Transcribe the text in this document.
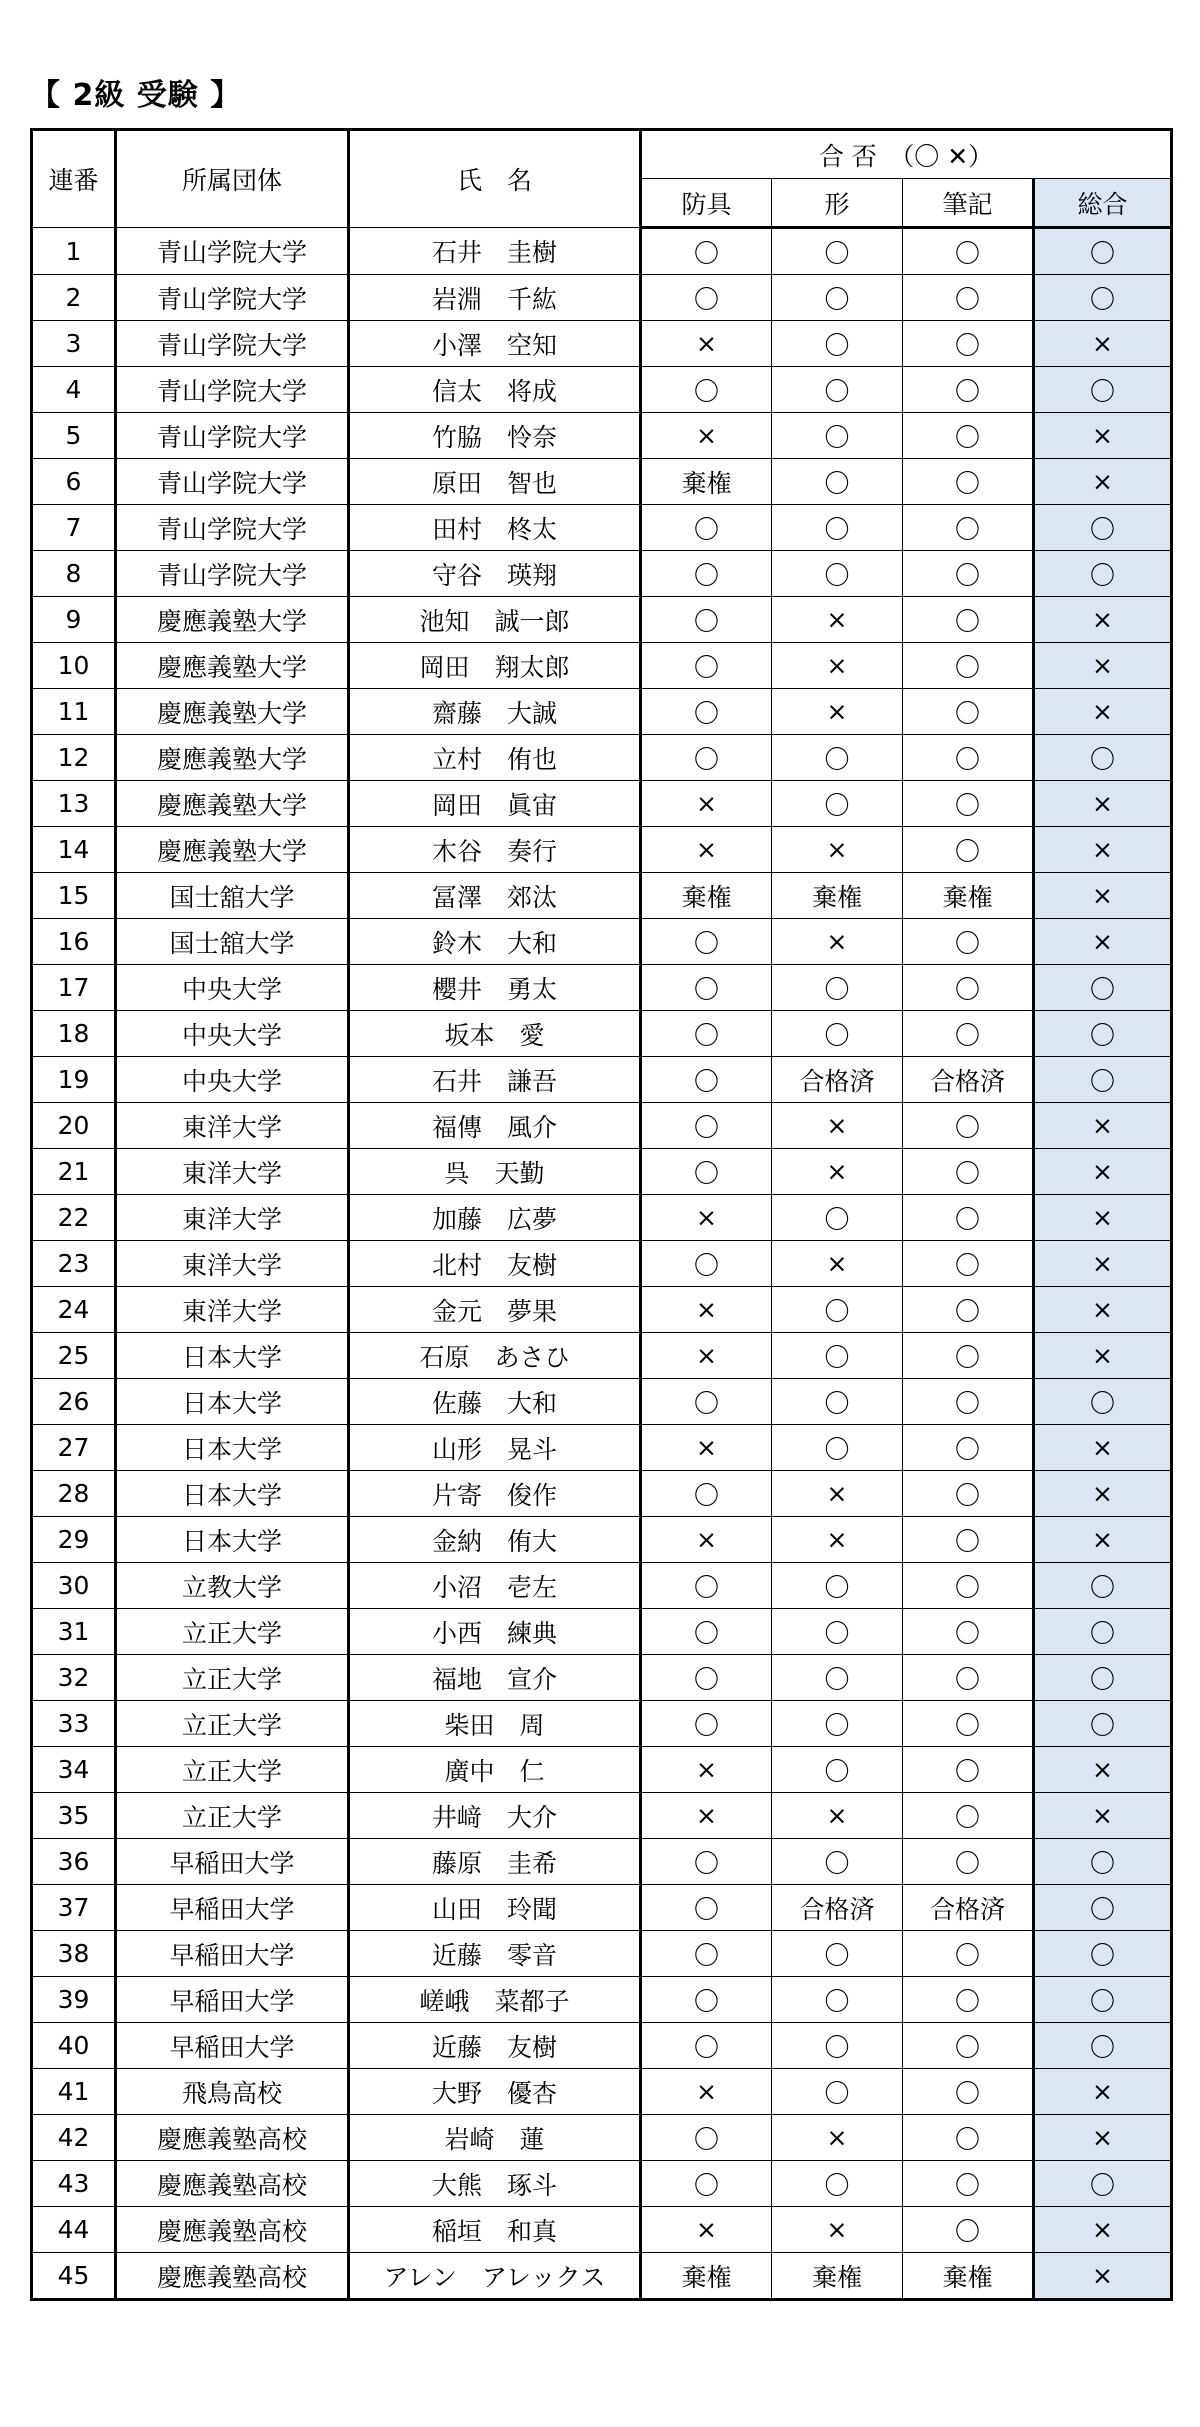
【 2級 受験 】
連番	所属団体	氏　名	合 否　（〇 ✕）			
			防具	形	筆記	総合
1	青山学院大学	石井　圭樹	〇	〇	〇	〇
2	青山学院大学	岩淵　千紘	〇	〇	〇	〇
3	青山学院大学	小澤　空知	×	〇	〇	×
4	青山学院大学	信太　将成	〇	〇	〇	〇
5	青山学院大学	竹脇　怜奈	×	〇	〇	×
6	青山学院大学	原田　智也	棄権	〇	〇	×
7	青山学院大学	田村　柊太	〇	〇	〇	〇
8	青山学院大学	守谷　瑛翔	〇	〇	〇	〇
9	慶應義塾大学	池知　誠一郎	〇	×	〇	×
10	慶應義塾大学	岡田　翔太郎	〇	×	〇	×
11	慶應義塾大学	齋藤　大誠	〇	×	〇	×
12	慶應義塾大学	立村　侑也	〇	〇	〇	〇
13	慶應義塾大学	岡田　眞宙	×	〇	〇	×
14	慶應義塾大学	木谷　奏行	×	×	〇	×
15	国士舘大学	冨澤　郊汰	棄権	棄権	棄権	×
16	国士舘大学	鈴木　大和	〇	×	〇	×
17	中央大学	櫻井　勇太	〇	〇	〇	〇
18	中央大学	坂本　愛	〇	〇	〇	〇
19	中央大学	石井　謙吾	〇	合格済	合格済	〇
20	東洋大学	福傳　風介	〇	×	〇	×
21	東洋大学	呉　天勤	〇	×	〇	×
22	東洋大学	加藤　広夢	×	〇	〇	×
23	東洋大学	北村　友樹	〇	×	〇	×
24	東洋大学	金元　夢果	×	〇	〇	×
25	日本大学	石原　あさひ	×	〇	〇	×
26	日本大学	佐藤　大和	〇	〇	〇	〇
27	日本大学	山形　晃斗	×	〇	〇	×
28	日本大学	片寄　俊作	〇	×	〇	×
29	日本大学	金納　侑大	×	×	〇	×
30	立教大学	小沼　壱左	〇	〇	〇	〇
31	立正大学	小西　練典	〇	〇	〇	〇
32	立正大学	福地　宣介	〇	〇	〇	〇
33	立正大学	柴田　周	〇	〇	〇	〇
34	立正大学	廣中　仁	×	〇	〇	×
35	立正大学	井﨑　大介	×	×	〇	×
36	早稲田大学	藤原　圭希	〇	〇	〇	〇
37	早稲田大学	山田　玲聞	〇	合格済	合格済	〇
38	早稲田大学	近藤　零音	〇	〇	〇	〇
39	早稲田大学	嵯峨　菜都子	〇	〇	〇	〇
40	早稲田大学	近藤　友樹	〇	〇	〇	〇
41	飛鳥高校	大野　優杏	×	〇	〇	×
42	慶應義塾高校	岩崎　蓮	〇	×	〇	×
43	慶應義塾高校	大熊　琢斗	〇	〇	〇	〇
44	慶應義塾高校	稲垣　和真	×	×	〇	×
45	慶應義塾高校	アレン　アレックス	棄権	棄権	棄権	×
